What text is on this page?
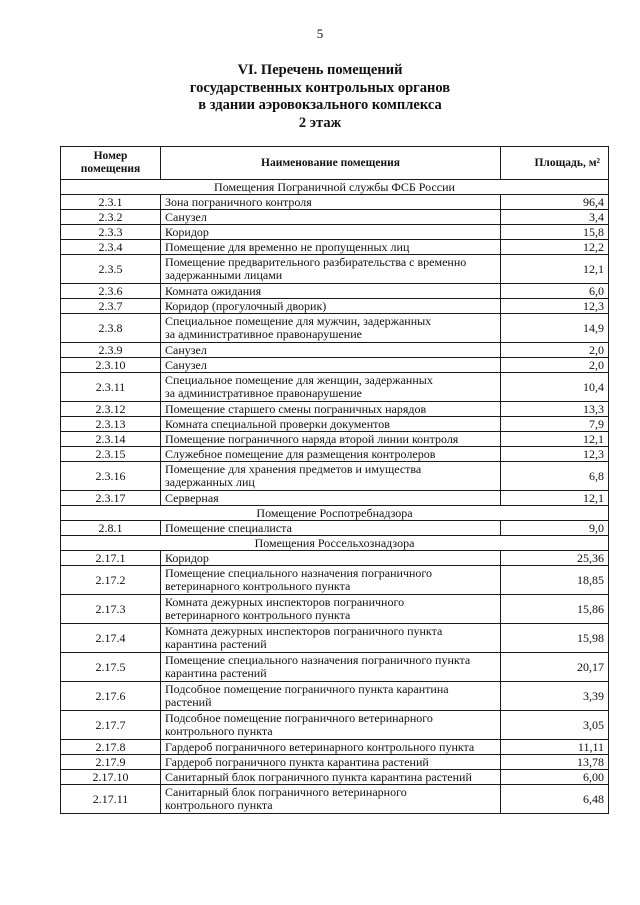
5
VI. Перечень помещений
государственных контрольных органов
в здании аэровокзального комплекса
2 этаж
Номер
помещения	Наименование помещения	Площадь, м²
Помещения Пограничной службы ФСБ России		
2.3.1	Зона пограничного контроля	96,4
2.3.2	Санузел	3,4
2.3.3	Коридор	15,8
2.3.4	Помещение для временно не пропущенных лиц	12,2
2.3.5	Помещение предварительного разбирательства с временно
задержанными лицами	12,1
2.3.6	Комната ожидания	6,0
2.3.7	Коридор (прогулочный дворик)	12,3
2.3.8	Специальное помещение для мужчин, задержанных
за административное правонарушение	14,9
2.3.9	Санузел	2,0
2.3.10	Санузел	2,0
2.3.11	Специальное помещение для женщин, задержанных
за административное правонарушение	10,4
2.3.12	Помещение старшего смены пограничных нарядов	13,3
2.3.13	Комната специальной проверки документов	7,9
2.3.14	Помещение пограничного наряда второй линии контроля	12,1
2.3.15	Служебное помещение для размещения контролеров	12,3
2.3.16	Помещение для хранения предметов и имущества
задержанных лиц	6,8
2.3.17	Серверная	12,1
Помещение Роспотребнадзора		
2.8.1	Помещение специалиста	9,0
Помещения Россельхознадзора		
2.17.1	Коридор	25,36
2.17.2	Помещение специального назначения пограничного
ветеринарного контрольного пункта	18,85
2.17.3	Комната дежурных инспекторов пограничного
ветеринарного контрольного пункта	15,86
2.17.4	Комната дежурных инспекторов пограничного пункта
карантина растений	15,98
2.17.5	Помещение специального назначения пограничного пункта
карантина растений	20,17
2.17.6	Подсобное помещение пограничного пункта карантина
растений	3,39
2.17.7	Подсобное помещение пограничного ветеринарного
контрольного пункта	3,05
2.17.8	Гардероб пограничного ветеринарного контрольного пункта	11,11
2.17.9	Гардероб пограничного пункта карантина растений	13,78
2.17.10	Санитарный блок пограничного пункта карантина растений	6,00
2.17.11	Санитарный блок пограничного ветеринарного
контрольного пункта	6,48
